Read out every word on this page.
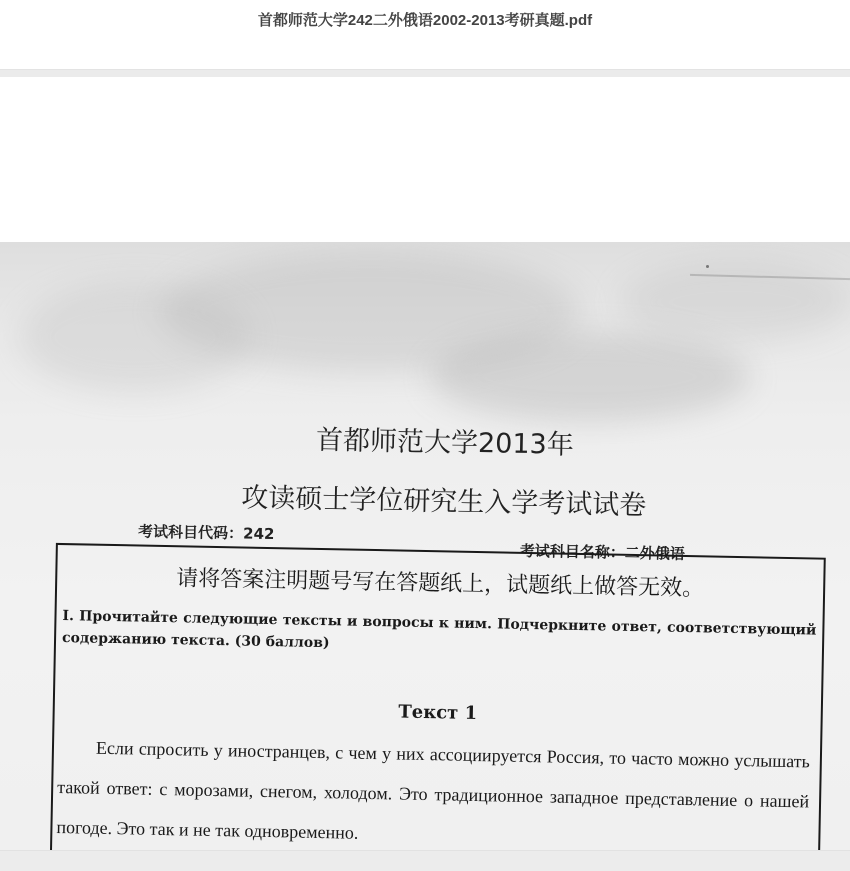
首都师范大学242二外俄语2002-2013考研真题.pdf
首都师范大学2013年
攻读硕士学位研究生入学考试试卷
考试科目代码：242
考试科目名称：二外俄语
请将答案注明题号写在答题纸上，试题纸上做答无效。
I. Прочитайте следующие тексты и вопросы к ним. Подчеркните ответ, соответствующий содержанию текста. (30 баллов)
Текст 1
Если спросить у иностранцев, с чем у них ассоциируется Россия, то часто можно услышать такой ответ: с морозами, снегом, холодом. Это традиционное западное представление о нашей погоде. Это так и не так одновременно.
